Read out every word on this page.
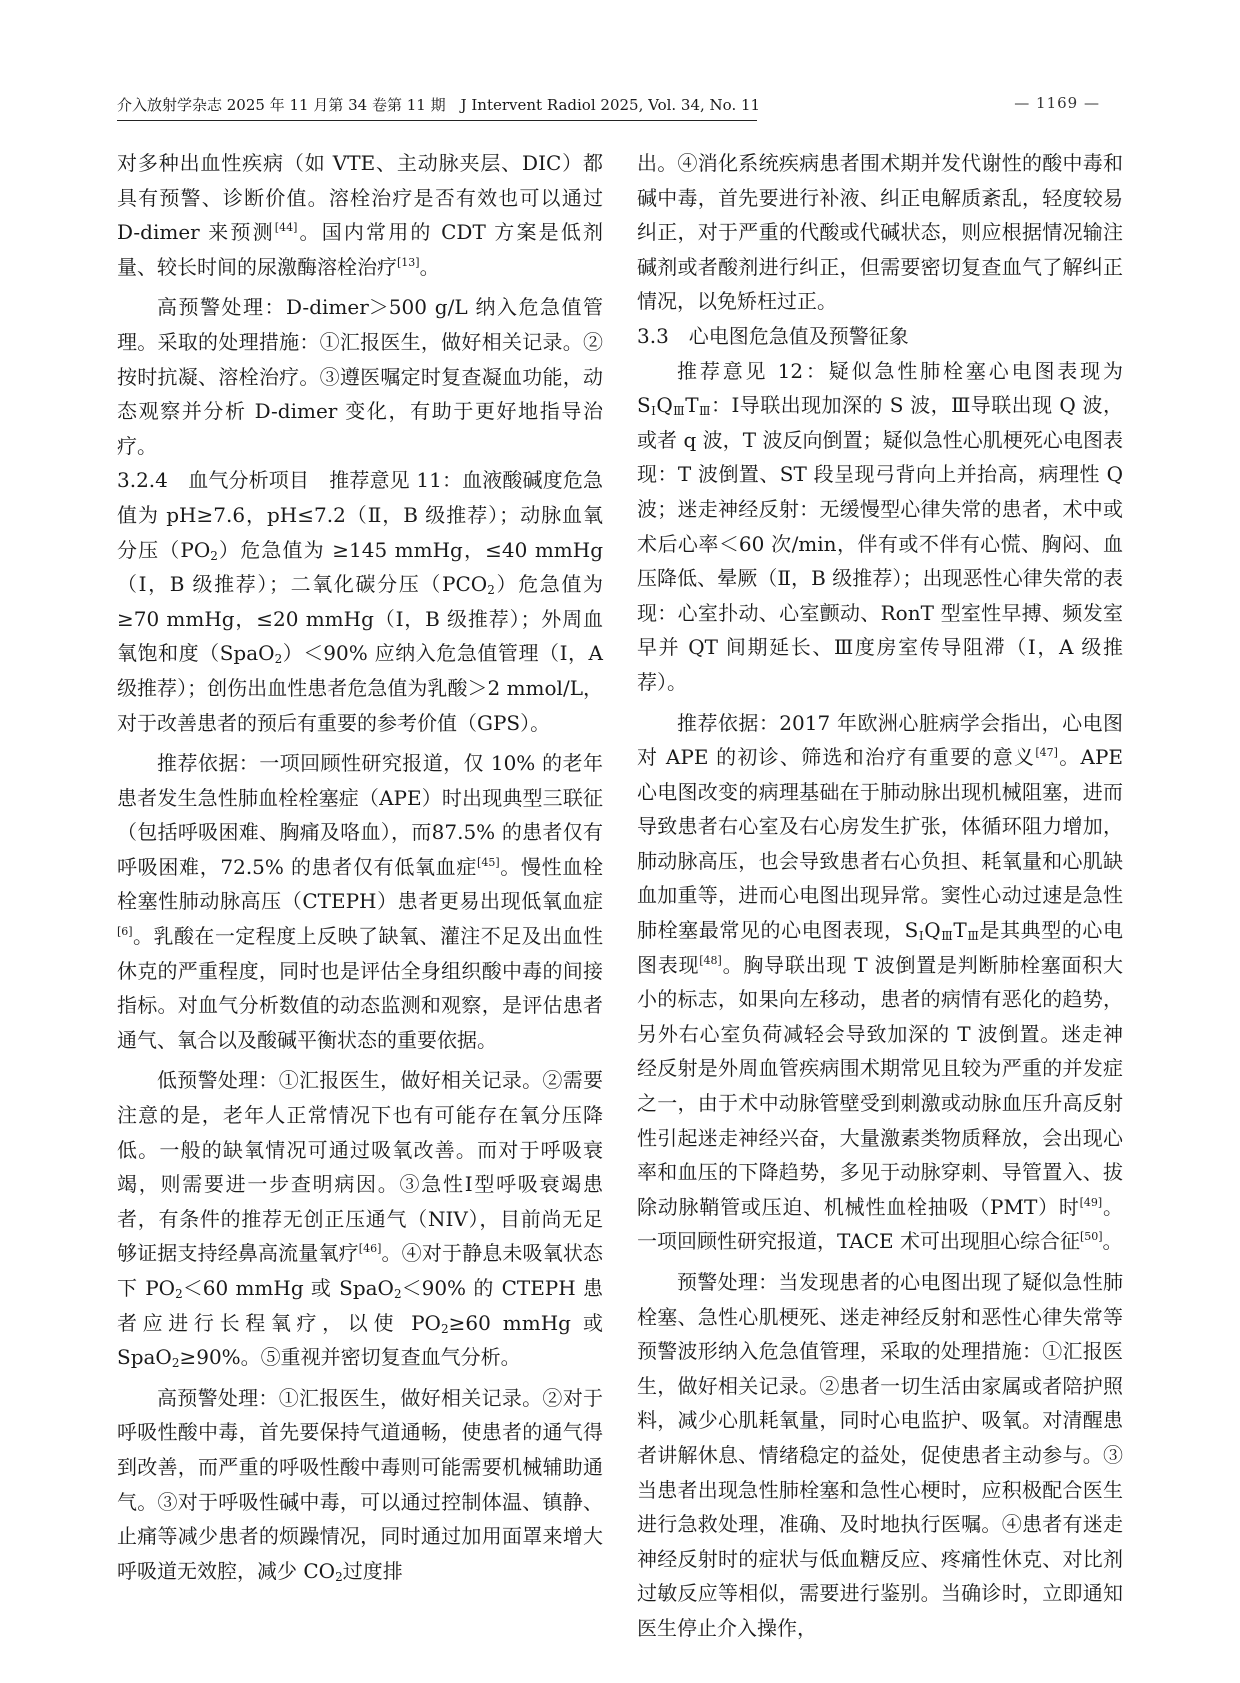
介入放射学杂志 2025 年 11 月第 34 卷第 11 期　J Intervent Radiol 2025, Vol. 34, No. 11	— 1169 —

对多种出血性疾病（如 VTE、主动脉夹层、DIC）都具有预警、诊断价值。溶栓治疗是否有效也可以通过 D-dimer 来预测[44]。国内常用的 CDT 方案是低剂量、较长时间的尿激酶溶栓治疗[13]。

高预警处理：D-dimer＞500 g/L 纳入危急值管理。采取的处理措施：①汇报医生，做好相关记录。②按时抗凝、溶栓治疗。③遵医嘱定时复查凝血功能，动态观察并分析 D-dimer 变化，有助于更好地指导治疗。

3.2.4　血气分析项目　推荐意见 11：血液酸碱度危急值为 pH≥7.6，pH≤7.2（Ⅱ，B 级推荐）；动脉血氧分压$(PO_2)$危急值为 ≥145 mmHg，≤40 mmHg（Ⅰ，B 级推荐）；二氧化碳分压$(PCO_2)$危急值为≥70 mmHg，≤20 mmHg（Ⅰ，B 级推荐）；外周血氧饱和度（SpaO$_2$）＜90% 应纳入危急值管理（Ⅰ，A 级推荐）；创伤出血性患者危急值为乳酸＞2 mmol/L，对于改善患者的预后有重要的参考价值（GPS）。

推荐依据：一项回顾性研究报道，仅 10% 的老年患者发生急性肺血栓栓塞症（APE）时出现典型三联征（包括呼吸困难、胸痛及咯血），而87.5% 的患者仅有呼吸困难，72.5% 的患者仅有低氧血症[45]。慢性血栓栓塞性肺动脉高压（CTEPH）患者更易出现低氧血症[6]。乳酸在一定程度上反映了缺氧、灌注不足及出血性休克的严重程度，同时也是评估全身组织酸中毒的间接指标。对血气分析数值的动态监测和观察，是评估患者通气、氧合以及酸碱平衡状态的重要依据。

低预警处理：①汇报医生，做好相关记录。②需要注意的是，老年人正常情况下也有可能存在氧分压降低。一般的缺氧情况可通过吸氧改善。而对于呼吸衰竭，则需要进一步查明病因。③急性Ⅰ型呼吸衰竭患者，有条件的推荐无创正压通气（NIV），目前尚无足够证据支持经鼻高流量氧疗[46]。④对于静息未吸氧状态下 $PO_2<60$ mmHg 或 SpaO$_2$＜90% 的 CTEPH 患者应进行长程氧疗，以使 $PO_2\ge 60$ mmHg 或 SpaO$_2$≥90%。⑤重视并密切复查血气分析。

高预警处理：①汇报医生，做好相关记录。②对于呼吸性酸中毒，首先要保持气道通畅，使患者的通气得到改善，而严重的呼吸性酸中毒则可能需要机械辅助通气。③对于呼吸性碱中毒，可以通过控制体温、镇静、止痛等减少患者的烦躁情况，同时通过加用面罩来增大呼吸道无效腔，减少 $CO_2$过度排

出。④消化系统疾病患者围术期并发代谢性的酸中毒和碱中毒，首先要进行补液、纠正电解质紊乱，轻度较易纠正，对于严重的代酸或代碱状态，则应根据情况输注碱剂或者酸剂进行纠正，但需要密切复查血气了解纠正情况，以免矫枉过正。

3.3　心电图危急值及预警征象

推荐意见 12：疑似急性肺栓塞心电图表现为 $S_ⅠQ_ⅢT_Ⅲ$：Ⅰ导联出现加深的 S 波，Ⅲ导联出现 Q 波，或者 q 波，T 波反向倒置；疑似急性心肌梗死心电图表现：T 波倒置、ST 段呈现弓背向上并抬高，病理性 Q 波；迷走神经反射：无缓慢型心律失常的患者，术中或术后心率＜60 次/min，伴有或不伴有心慌、胸闷、血压降低、晕厥（Ⅱ，B 级推荐）；出现恶性心律失常的表现：心室扑动、心室颤动、RonT 型室性早搏、频发室早并 QT 间期延长、Ⅲ度房室传导阻滞（Ⅰ，A 级推荐）。

推荐依据：2017 年欧洲心脏病学会指出，心电图对 APE 的初诊、筛选和治疗有重要的意义[47]。APE 心电图改变的病理基础在于肺动脉出现机械阻塞，进而导致患者右心室及右心房发生扩张，体循环阻力增加，肺动脉高压，也会导致患者右心负担、耗氧量和心肌缺血加重等，进而心电图出现异常。窦性心动过速是急性肺栓塞最常见的心电图表现，$S_ⅠQ_ⅢT_Ⅲ$是其典型的心电图表现[48]。胸导联出现 T 波倒置是判断肺栓塞面积大小的标志，如果向左移动，患者的病情有恶化的趋势，另外右心室负荷减轻会导致加深的 T 波倒置。迷走神经反射是外周血管疾病围术期常见且较为严重的并发症之一，由于术中动脉管壁受到刺激或动脉血压升高反射性引起迷走神经兴奋，大量激素类物质释放，会出现心率和血压的下降趋势，多见于动脉穿刺、导管置入、拔除动脉鞘管或压迫、机械性血栓抽吸（PMT）时[49]。一项回顾性研究报道，TACE 术可出现胆心综合征[50]。

预警处理：当发现患者的心电图出现了疑似急性肺栓塞、急性心肌梗死、迷走神经反射和恶性心律失常等预警波形纳入危急值管理，采取的处理措施：①汇报医生，做好相关记录。②患者一切生活由家属或者陪护照料，减少心肌耗氧量，同时心电监护、吸氧。对清醒患者讲解休息、情绪稳定的益处，促使患者主动参与。③当患者出现急性肺栓塞和急性心梗时，应积极配合医生进行急救处理，准确、及时地执行医嘱。④患者有迷走神经反射时的症状与低血糖反应、疼痛性休克、对比剂过敏反应等相似，需要进行鉴别。当确诊时，立即通知医生停止介入操作，
